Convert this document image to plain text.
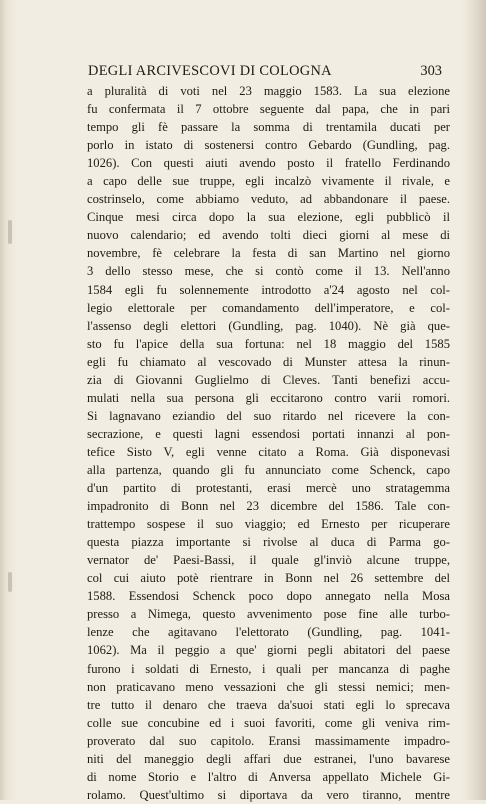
DEGLI ARCIVESCOVI DI COLOGNA	303
a pluralità di voti nel 23 maggio 1583. La sua elezione
fu confermata il 7 ottobre seguente dal papa, che in pari
tempo gli fè passare la somma di trentamila ducati per
porlo in istato di sostenersi contro Gebardo (Gundling, pag.
1026). Con questi aiuti avendo posto il fratello Ferdinando
a capo delle sue truppe, egli incalzò vivamente il rivale, e
costrinselo, come abbiamo veduto, ad abbandonare il paese.
Cinque mesi circa dopo la sua elezione, egli pubblicò il
nuovo calendario; ed avendo tolti dieci giorni al mese di
novembre, fè celebrare la festa di san Martino nel giorno
3 dello stesso mese, che si contò come il 13. Nell'anno
1584 egli fu solennemente introdotto a'24 agosto nel col-
legio elettorale per comandamento dell'imperatore, e col-
l'assenso degli elettori (Gundling, pag. 1040). Nè già que-
sto fu l'apice della sua fortuna: nel 18 maggio del 1585
egli fu chiamato al vescovado di Munster attesa la rinun-
zia di Giovanni Guglielmo di Cleves. Tanti benefizi accu-
mulati nella sua persona gli eccitarono contro varii romori.
Si lagnavano eziandio del suo ritardo nel ricevere la con-
secrazione, e questi lagni essendosi portati innanzi al pon-
tefice Sisto V, egli venne citato a Roma. Già disponevasi
alla partenza, quando gli fu annunciato come Schenck, capo
d'un partito di protestanti, erasi mercè uno stratagemma
impadronito di Bonn nel 23 dicembre del 1586. Tale con-
trattempo sospese il suo viaggio; ed Ernesto per ricuperare
questa piazza importante si rivolse al duca di Parma go-
vernator de' Paesi-Bassi, il quale gl'inviò alcune truppe,
col cui aiuto potè rientrare in Bonn nel 26 settembre del
1588. Essendosi Schenck poco dopo annegato nella Mosa
presso a Nimega, questo avvenimento pose fine alle turbo-
lenze che agitavano l'elettorato (Gundling, pag. 1041-
1062). Ma il peggio a que' giorni pegli abitatori del paese
furono i soldati di Ernesto, i quali per mancanza di paghe
non praticavano meno vessazioni che gli stessi nemici; men-
tre tutto il denaro che traeva da'suoi stati egli lo sprecava
colle sue concubine ed i suoi favoriti, come gli veniva rim-
proverato dal suo capitolo. Eransi massimamente impadro-
niti del maneggio degli affari due estranei, l'uno bavarese
di nome Storio e l'altro di Anversa appellato Michele Gi-
rolamo. Quest'ultimo si diportava da vero tiranno, mentre
